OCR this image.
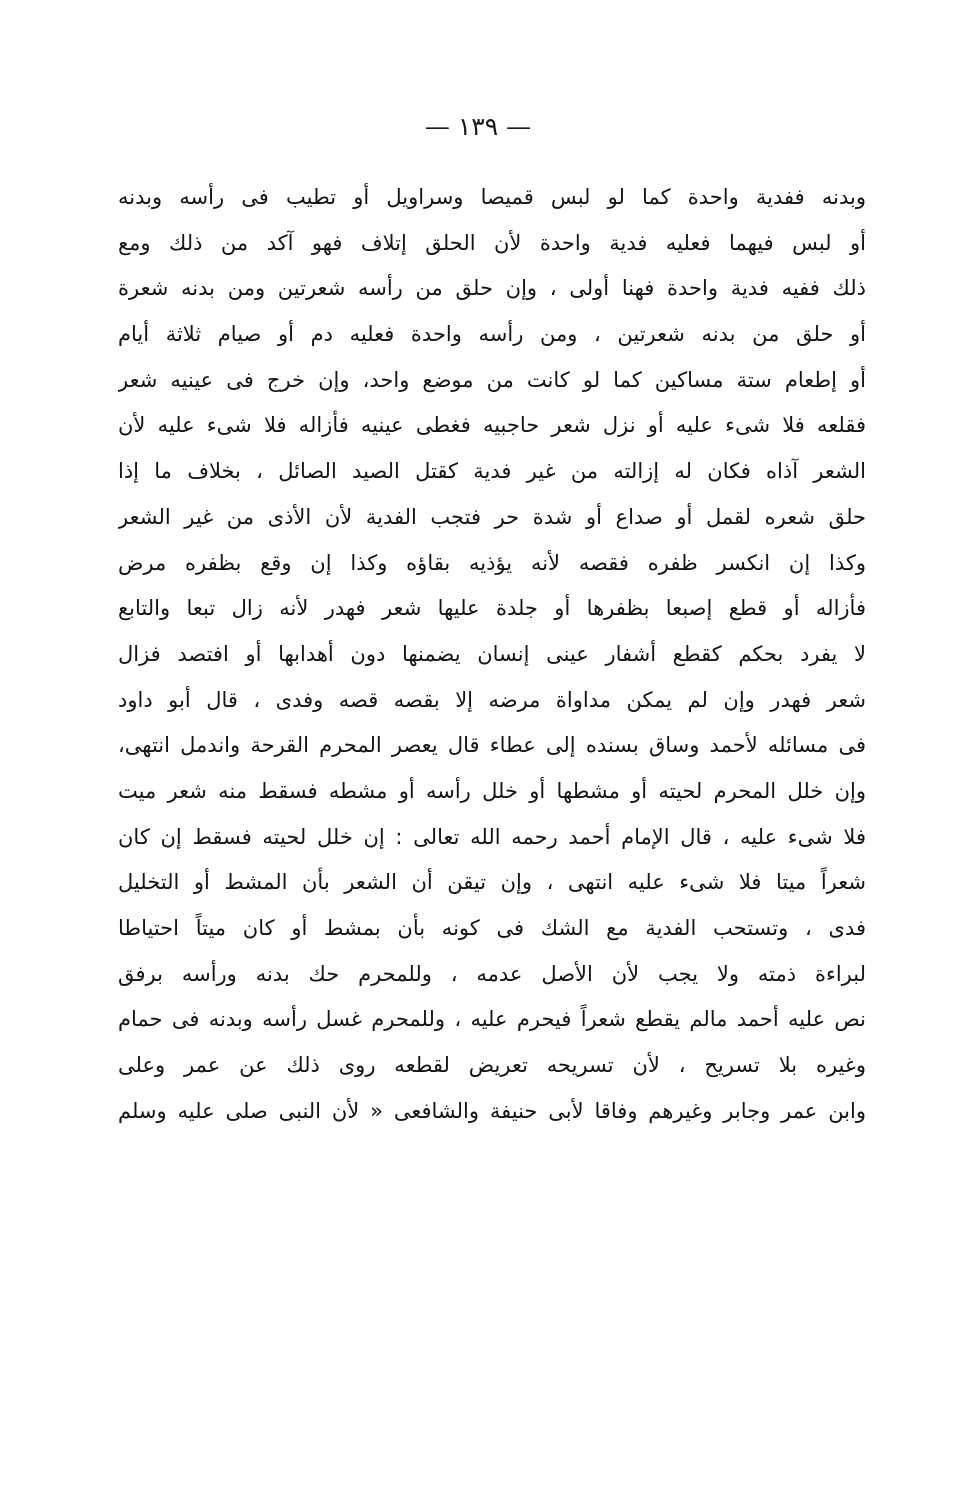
— ١٣٩ —
وبدنه ففدية واحدة كما لو لبس قميصا وسراويل أو تطيب فى رأسه وبدنه
أو لبس فيهما فعليه فدية واحدة لأن الحلق إتلاف فهو آكد من ذلك ومع
ذلك ففيه فدية واحدة فهنا أولى ، وإن حلق من رأسه شعرتين ومن بدنه شعرة
أو حلق من بدنه شعرتين ، ومن رأسه واحدة فعليه دم أو صيام ثلاثة أيام
أو إطعام ستة مساكين كما لو كانت من موضع واحد، وإن خرج فى عينيه شعر
فقلعه فلا شىء عليه أو نزل شعر حاجبيه فغطى عينيه فأزاله فلا شىء عليه لأن
الشعر آذاه فكان له إزالته من غير فدية كقتل الصيد الصائل ، بخلاف ما إذا
حلق شعره لقمل أو صداع أو شدة حر فتجب الفدية لأن الأذى من غير الشعر
وكذا إن انكسر ظفره فقصه لأنه يؤذيه بقاؤه وكذا إن وقع بظفره مرض
فأزاله أو قطع إصبعا بظفرها أو جلدة عليها شعر فهدر لأنه زال تبعا والتابع
لا يفرد بحكم كقطع أشفار عينى إنسان يضمنها دون أهدابها أو افتصد فزال
شعر فهدر وإن لم يمكن مداواة مرضه إلا بقصه قصه وفدى ، قال أبو داود
فى مسائله لأحمد وساق بسنده إلى عطاء قال يعصر المحرم القرحة واندمل انتهى،
وإن خلل المحرم لحيته أو مشطها أو خلل رأسه أو مشطه فسقط منه شعر ميت
فلا شىء عليه ، قال الإمام أحمد رحمه الله تعالى : إن خلل لحيته فسقط إن كان
شعراً ميتا فلا شىء عليه انتهى ، وإن تيقن أن الشعر بأن المشط أو التخليل
فدى ، وتستحب الفدية مع الشك فى كونه بأن بمشط أو كان ميتاً احتياطا
لبراءة ذمته ولا يجب لأن الأصل عدمه ، وللمحرم حك بدنه ورأسه برفق
نص عليه أحمد مالم يقطع شعراً فيحرم عليه ، وللمحرم غسل رأسه وبدنه فى حمام
وغيره بلا تسريح ، لأن تسريحه تعريض لقطعه روى ذلك عن عمر وعلى
وابن عمر وجابر وغيرهم وفاقا لأبى حنيفة والشافعى « لأن النبى صلى عليه وسلم
